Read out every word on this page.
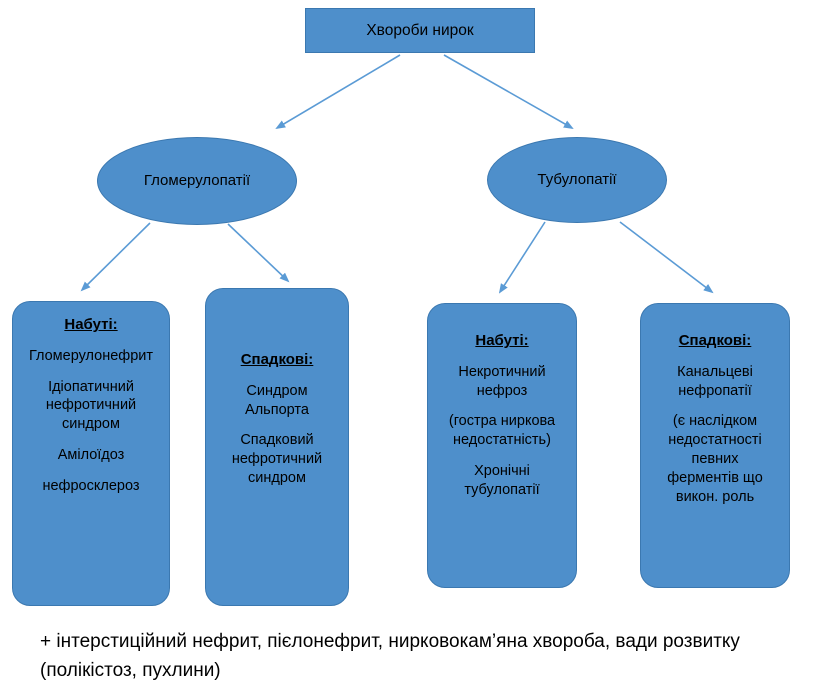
Хвороби нирок
Гломерулопатії	Тубулопатії
Набуті:
Гломерулонефрит
Ідіопатичний нефротичний синдром
Амілоїдоз
нефросклероз
Спадкові:
Синдром Альпорта
Спадковий нефротичний синдром
Набуті:
Некротичний нефроз
(гостра ниркова недостатність)
Хронічні тубулопатії
Спадкові:
Канальцеві нефропатії
(є наслідком недостатності певних ферментів що викон. роль
+ інтерстиційний нефрит, пієлонефрит, нирковокам’яна хвороба, вади розвитку (полікістоз, пухлини)
